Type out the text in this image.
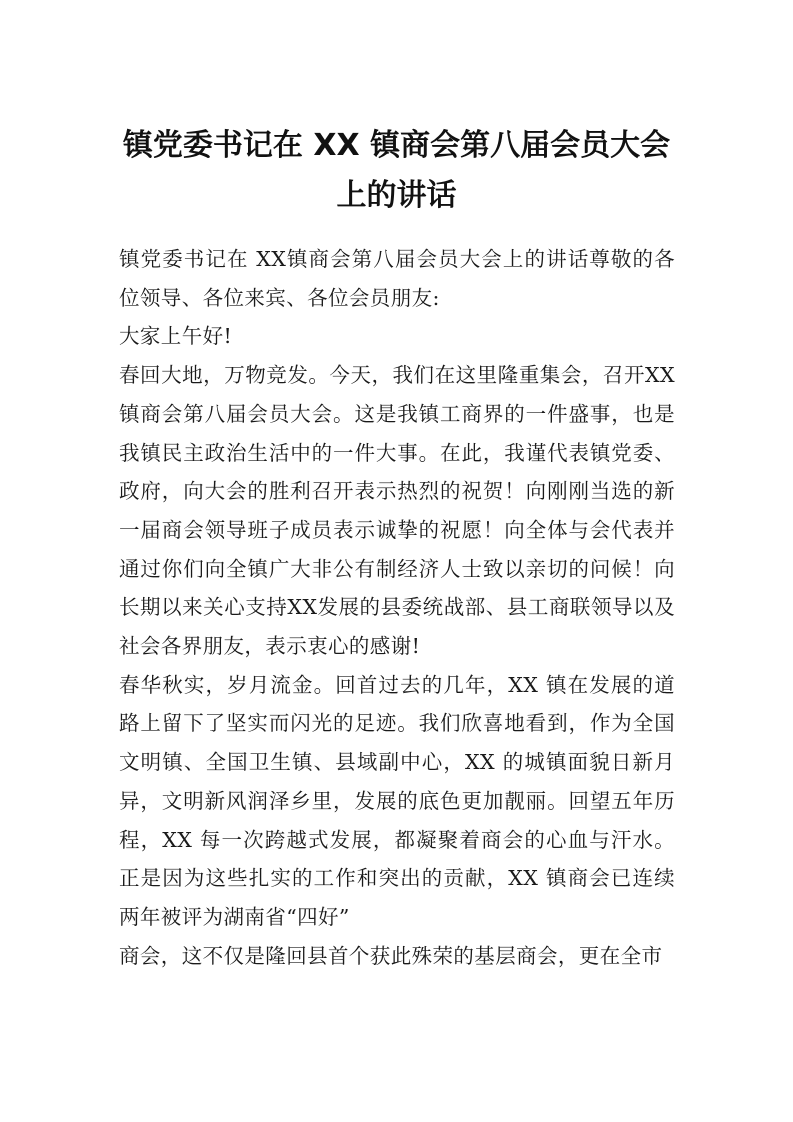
镇党委书记在 XX 镇商会第八届会员大会
上的讲话

镇党委书记在 XX镇商会第八届会员大会上的讲话尊敬的各位领导、各位来宾、各位会员朋友:

大家上午好!

春回大地，万物竞发。今天，我们在这里隆重集会，召开XX镇商会第八届会员大会。这是我镇工商界的一件盛事，也是我镇民主政治生活中的一件大事。在此，我谨代表镇党委、政府，向大会的胜利召开表示热烈的祝贺！向刚刚当选的新一届商会领导班子成员表示诚挚的祝愿！向全体与会代表并通过你们向全镇广大非公有制经济人士致以亲切的问候！向长期以来关心支持XX发展的县委统战部、县工商联领导以及社会各界朋友，表示衷心的感谢!

春华秋实，岁月流金。回首过去的几年，XX 镇在发展的道路上留下了坚实而闪光的足迹。我们欣喜地看到，作为全国文明镇、全国卫生镇、县域副中心，XX 的城镇面貌日新月异，文明新风润泽乡里，发展的底色更加靓丽。回望五年历程，XX 每一次跨越式发展，都凝聚着商会的心血与汗水。正是因为这些扎实的工作和突出的贡献，XX 镇商会已连续两年被评为湖南省“四好”

商会，这不仅是隆回县首个获此殊荣的基层商会，更在全市
